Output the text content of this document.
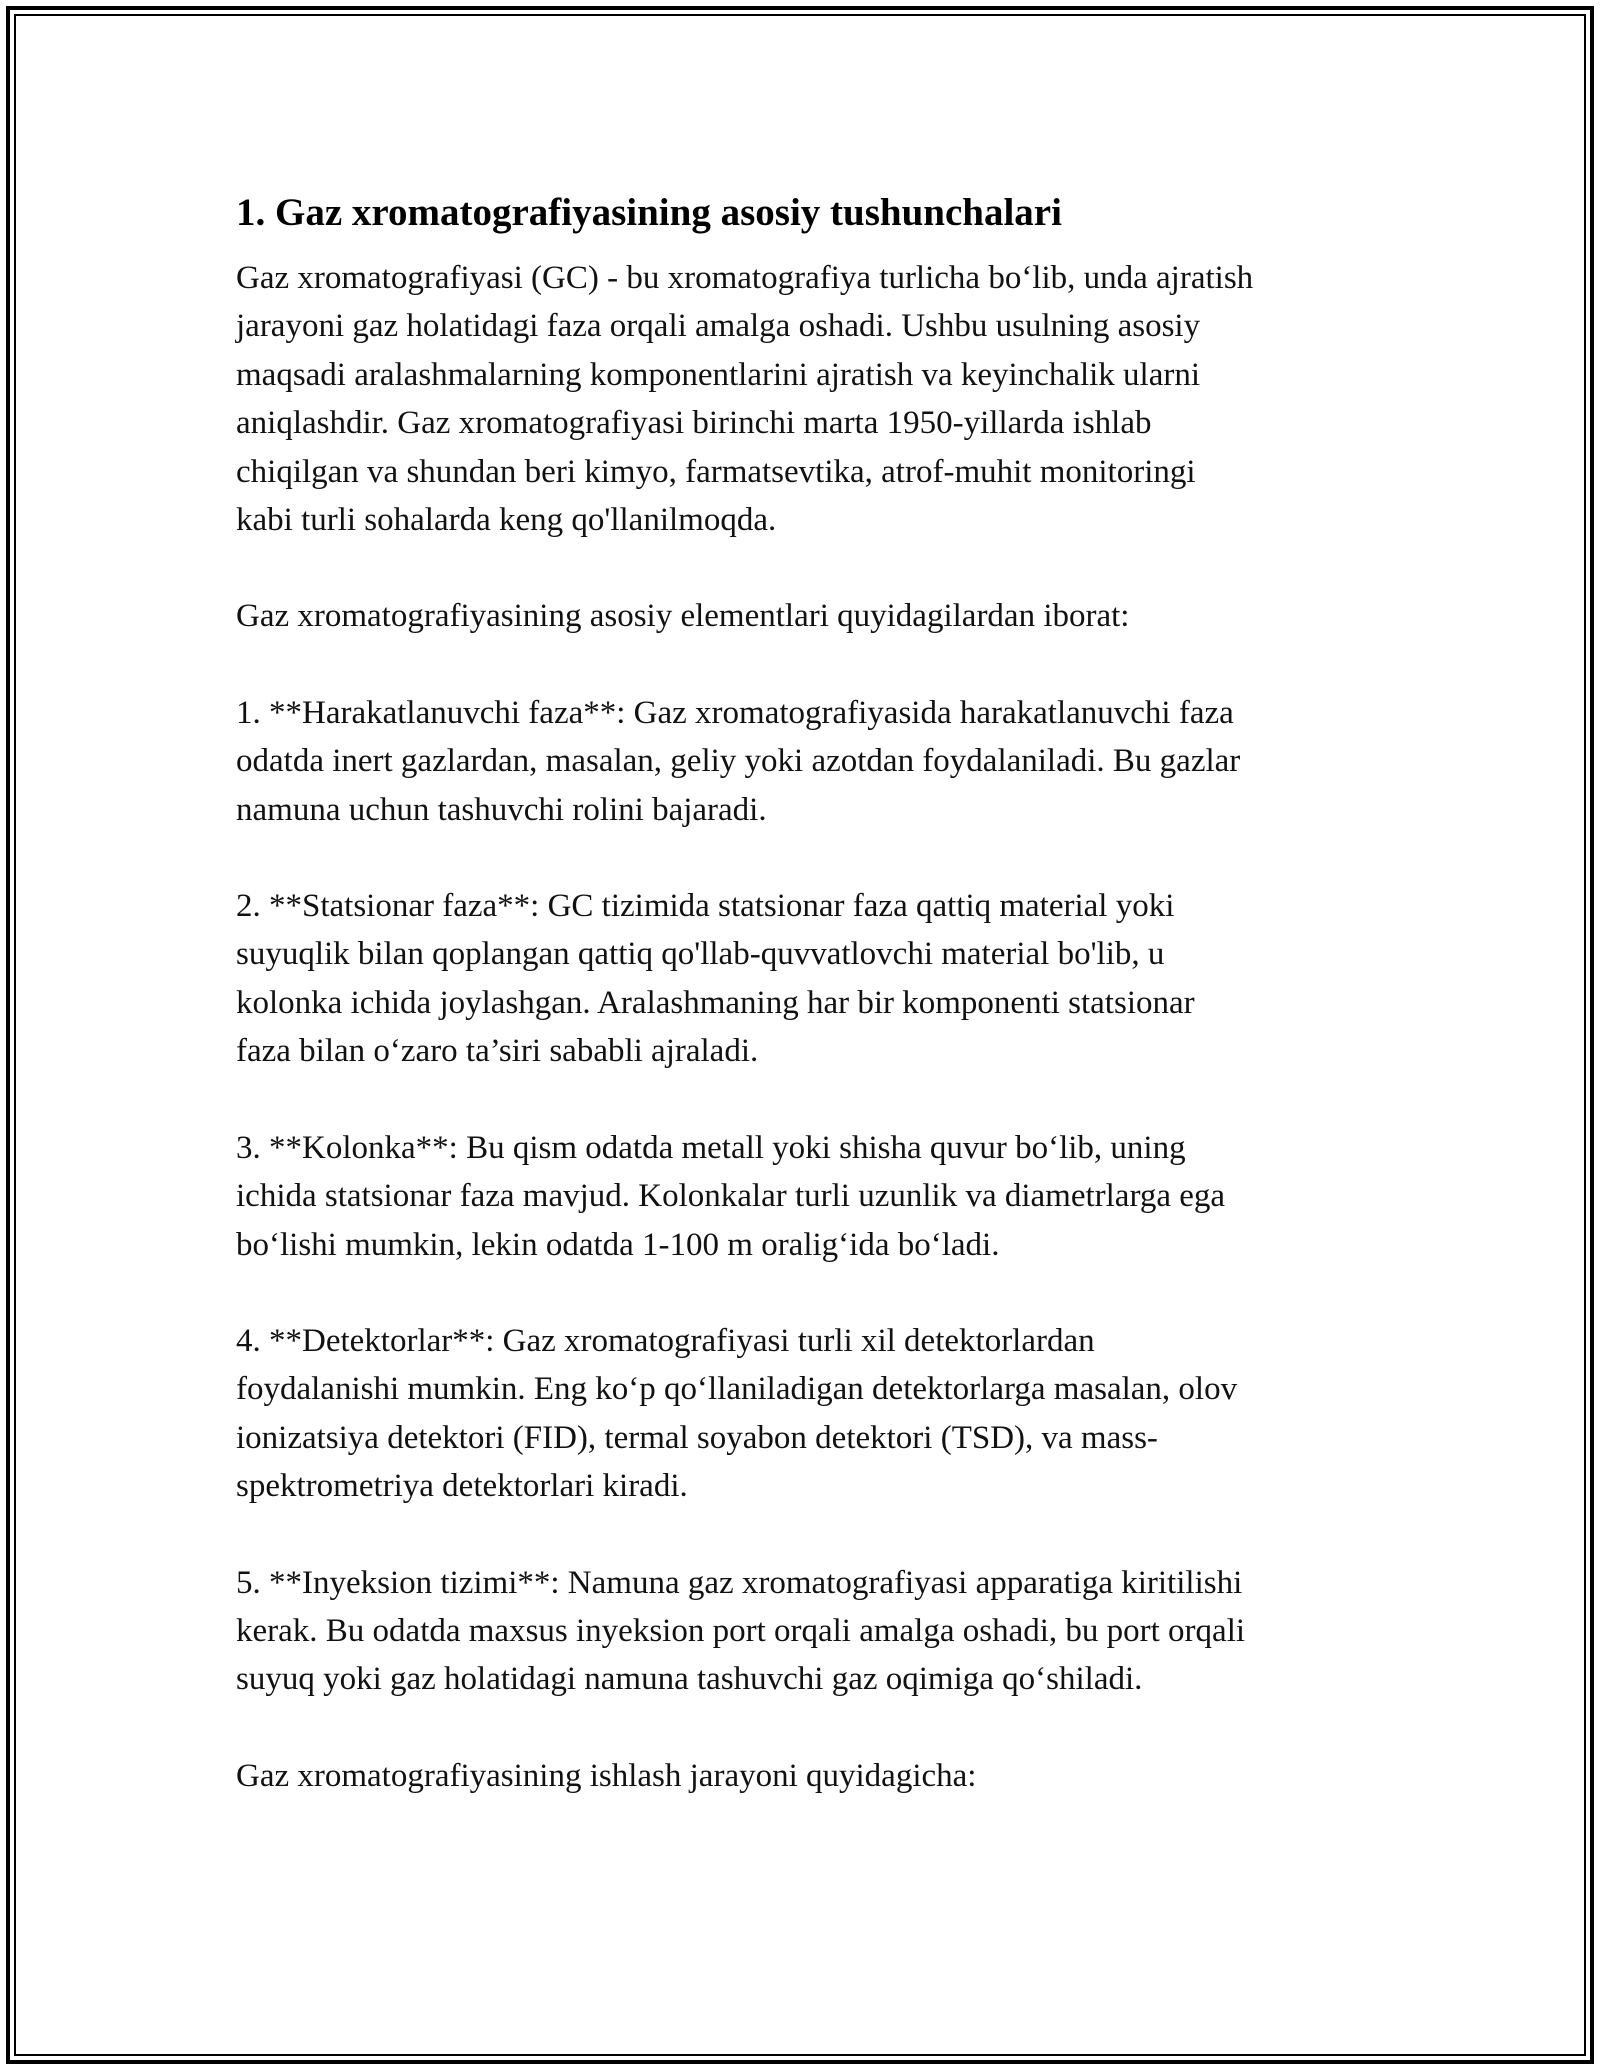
1. Gaz xromatografiyasining asosiy tushunchalari

Gaz xromatografiyasi (GC) - bu xromatografiya turlicha bo‘lib, unda ajratish
jarayoni gaz holatidagi faza orqali amalga oshadi. Ushbu usulning asosiy
maqsadi aralashmalarning komponentlarini ajratish va keyinchalik ularni
aniqlashdir. Gaz xromatografiyasi birinchi marta 1950-yillarda ishlab
chiqilgan va shundan beri kimyo, farmatsevtika, atrof-muhit monitoringi
kabi turli sohalarda keng qo'llanilmoqda.

Gaz xromatografiyasining asosiy elementlari quyidagilardan iborat:

1. **Harakatlanuvchi faza**: Gaz xromatografiyasida harakatlanuvchi faza
odatda inert gazlardan, masalan, geliy yoki azotdan foydalaniladi. Bu gazlar
namuna uchun tashuvchi rolini bajaradi.

2. **Statsionar faza**: GC tizimida statsionar faza qattiq material yoki
suyuqlik bilan qoplangan qattiq qo'llab-quvvatlovchi material bo'lib, u
kolonka ichida joylashgan. Aralashmaning har bir komponenti statsionar
faza bilan o‘zaro ta’siri sababli ajraladi.

3. **Kolonka**: Bu qism odatda metall yoki shisha quvur bo‘lib, uning
ichida statsionar faza mavjud. Kolonkalar turli uzunlik va diametrlarga ega
bo‘lishi mumkin, lekin odatda 1-100 m oralig‘ida bo‘ladi.

4. **Detektorlar**: Gaz xromatografiyasi turli xil detektorlardan
foydalanishi mumkin. Eng ko‘p qo‘llaniladigan detektorlarga masalan, olov
ionizatsiya detektori (FID), termal soyabon detektori (TSD), va mass-
spektrometriya detektorlari kiradi.

5. **Inyeksion tizimi**: Namuna gaz xromatografiyasi apparatiga kiritilishi
kerak. Bu odatda maxsus inyeksion port orqali amalga oshadi, bu port orqali
suyuq yoki gaz holatidagi namuna tashuvchi gaz oqimiga qo‘shiladi.

Gaz xromatografiyasining ishlash jarayoni quyidagicha:
